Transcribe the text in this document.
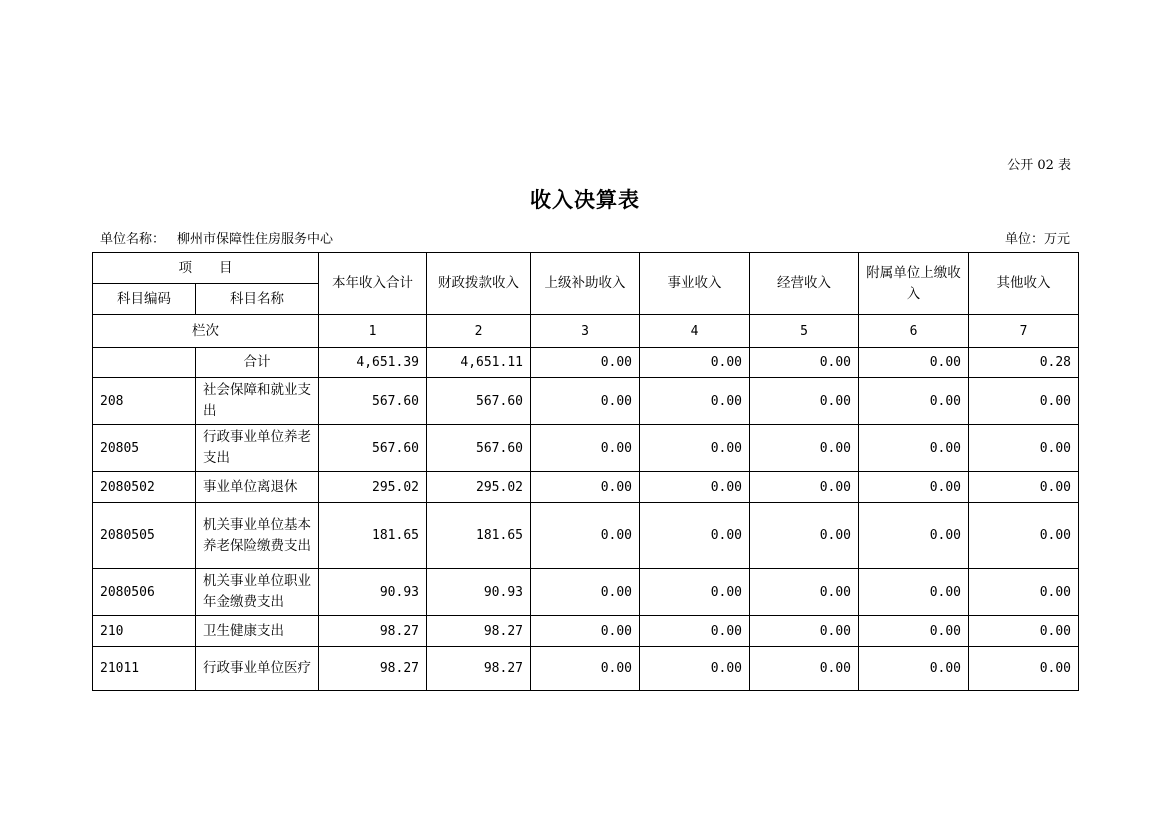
公开 02 表
收入决算表
单位名称： 柳州市保障性住房服务中心	单位：万元
项　　目		本年收入合计	财政拨款收入	上级补助收入	事业收入	经营收入	附属单位上缴收入	其他收入
科目编码	科目名称							
栏次		1	2	3	4	5	6	7
	合计	4,651.39	4,651.11	0.00	0.00	0.00	0.00	0.28
208	社会保障和就业支出	567.60	567.60	0.00	0.00	0.00	0.00	0.00
20805	行政事业单位养老支出	567.60	567.60	0.00	0.00	0.00	0.00	0.00
2080502	事业单位离退休	295.02	295.02	0.00	0.00	0.00	0.00	0.00
2080505	机关事业单位基本养老保险缴费支出	181.65	181.65	0.00	0.00	0.00	0.00	0.00
2080506	机关事业单位职业年金缴费支出	90.93	90.93	0.00	0.00	0.00	0.00	0.00
210	卫生健康支出	98.27	98.27	0.00	0.00	0.00	0.00	0.00
21011	行政事业单位医疗	98.27	98.27	0.00	0.00	0.00	0.00	0.00
